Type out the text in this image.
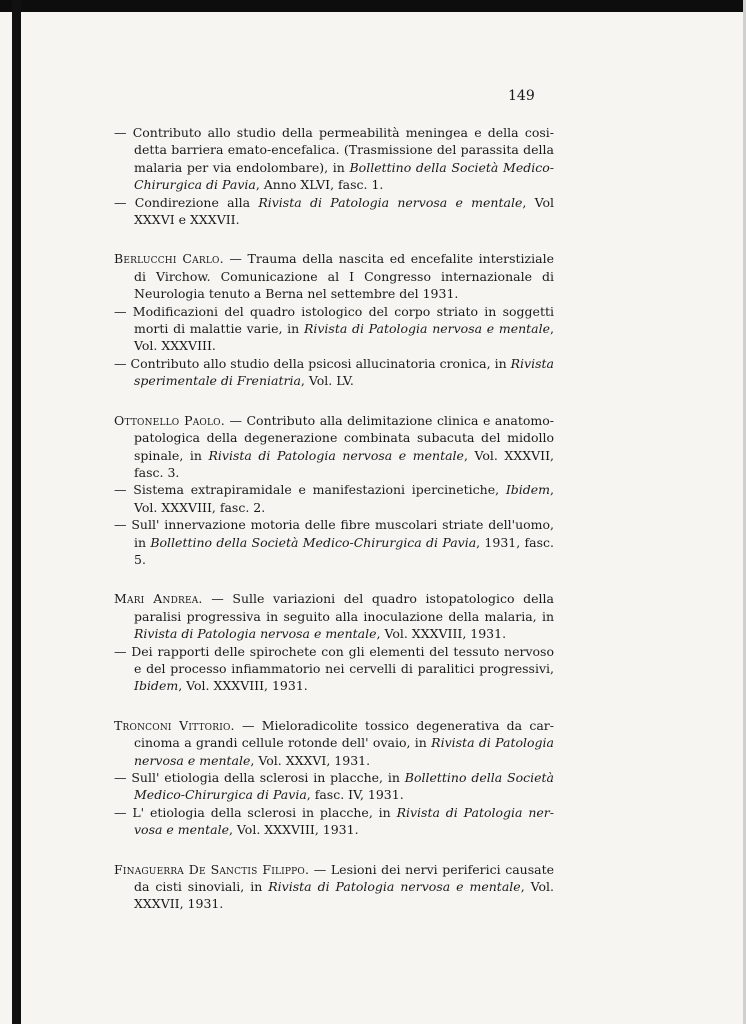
149

— Contributo allo studio della permeabilità meningea e della cosidetta barriera emato-encefalica. (Trasmissione del parassita della malaria per via endolombare), in Bollettino della Società Medico-Chirurgica di Pavia, Anno XLVI, fasc. 1.

— Condirezione alla Rivista di Patologia nervosa e mentale, Vol XXXVI e XXXVII.

Berlucchi Carlo. — Trauma della nascita ed encefalite interstiziale di Virchow. Comunicazione al I Congresso internazionale di Neurologia tenuto a Berna nel settembre del 1931.

— Modificazioni del quadro istologico del corpo striato in soggetti morti di malattie varie, in Rivista di Patologia nervosa e mentale, Vol. XXXVIII.

— Contributo allo studio della psicosi allucinatoria cronica, in Rivista sperimentale di Freniatria, Vol. LV.

Ottonello Paolo. — Contributo alla delimitazione clinica e anatomo-patologica della degenerazione combinata subacuta del midollo spinale, in Rivista di Patologia nervosa e mentale, Vol. XXXVII, fasc. 3.

— Sistema extrapiramidale e manifestazioni ipercinetiche, Ibidem, Vol. XXXVIII, fasc. 2.

— Sull' innervazione motoria delle fibre muscolari striate dell'uomo, in Bollettino della Società Medico-Chirurgica di Pavia, 1931, fasc. 5.

Mari Andrea. — Sulle variazioni del quadro istopatologico della paralisi progressiva in seguito alla inoculazione della malaria, in Rivista di Patologia nervosa e mentale, Vol. XXXVIII, 1931.

— Dei rapporti delle spirochete con gli elementi del tessuto nervoso e del processo infiammatorio nei cervelli di paralitici progressivi, Ibidem, Vol. XXXVIII, 1931.

Tronconi Vittorio. — Mieloradicolite tossico degenerativa da carcinoma a grandi cellule rotonde dell' ovaio, in Rivista di Patologia nervosa e mentale, Vol. XXXVI, 1931.

— Sull' etiologia della sclerosi in placche, in Bollettino della Società Medico-Chirurgica di Pavia, fasc. IV, 1931.

— L' etiologia della sclerosi in placche, in Rivista di Patologia nervosa e mentale, Vol. XXXVIII, 1931.

Finaguerra De Sanctis Filippo. — Lesioni dei nervi periferici causate da cisti sinoviali, in Rivista di Patologia nervosa e mentale, Vol. XXXVII, 1931.
